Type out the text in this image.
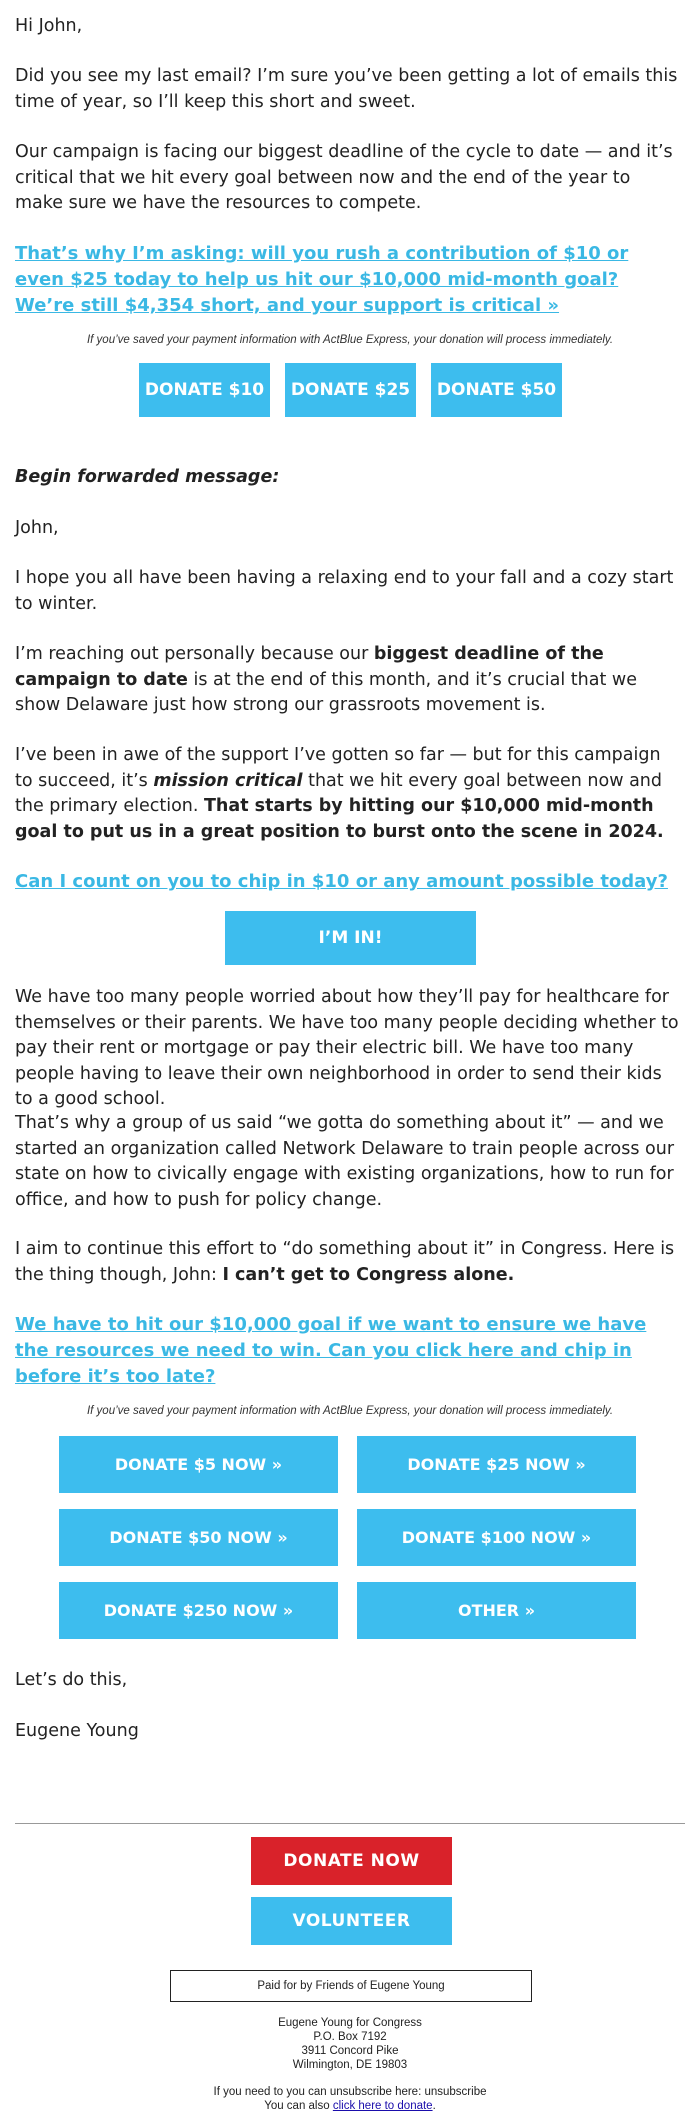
Hi John,

Did you see my last email? I’m sure you’ve been getting a lot of emails this time of year, so I’ll keep this short and sweet.

Our campaign is facing our biggest deadline of the cycle to date — and it’s critical that we hit every goal between now and the end of the year to make sure we have the resources to compete.

That’s why I’m asking: will you rush a contribution of $10 or even $25 today to help us hit our $10,000 mid-month goal? We’re still $4,354 short, and your support is critical »

If you’ve saved your payment information with ActBlue Express, your donation will process immediately.
DONATE $10	DONATE $25	DONATE $50

Begin forwarded message:

John,

I hope you all have been having a relaxing end to your fall and a cozy start to winter.

I’m reaching out personally because our biggest deadline of the campaign to date is at the end of this month, and it’s crucial that we show Delaware just how strong our grassroots movement is.

I’ve been in awe of the support I’ve gotten so far — but for this campaign to succeed, it’s mission critical that we hit every goal between now and the primary election. That starts by hitting our $10,000 mid-month goal to put us in a great position to burst onto the scene in 2024.

Can I count on you to chip in $10 or any amount possible today?

I’M IN!

We have too many people worried about how they’ll pay for healthcare for themselves or their parents. We have too many people deciding whether to pay their rent or mortgage or pay their electric bill. We have too many people having to leave their own neighborhood in order to send their kids to a good school.

That’s why a group of us said “we gotta do something about it” — and we started an organization called Network Delaware to train people across our state on how to civically engage with existing organizations, how to run for office, and how to push for policy change.

I aim to continue this effort to “do something about it” in Congress. Here is the thing though, John: I can’t get to Congress alone.

We have to hit our $10,000 goal if we want to ensure we have the resources we need to win. Can you click here and chip in before it’s too late?

If you’ve saved your payment information with ActBlue Express, your donation will process immediately.
DONATE $5 NOW »	DONATE $25 NOW »
DONATE $50 NOW »	DONATE $100 NOW »
DONATE $250 NOW »	OTHER »

Let’s do this,

Eugene Young

DONATE NOW
VOLUNTEER
Paid for by Friends of Eugene Young
Eugene Young for Congress
P.O. Box 7192
3911 Concord Pike
Wilmington, DE 19803
If you need to you can unsubscribe here: unsubscribe
You can also click here to donate.
